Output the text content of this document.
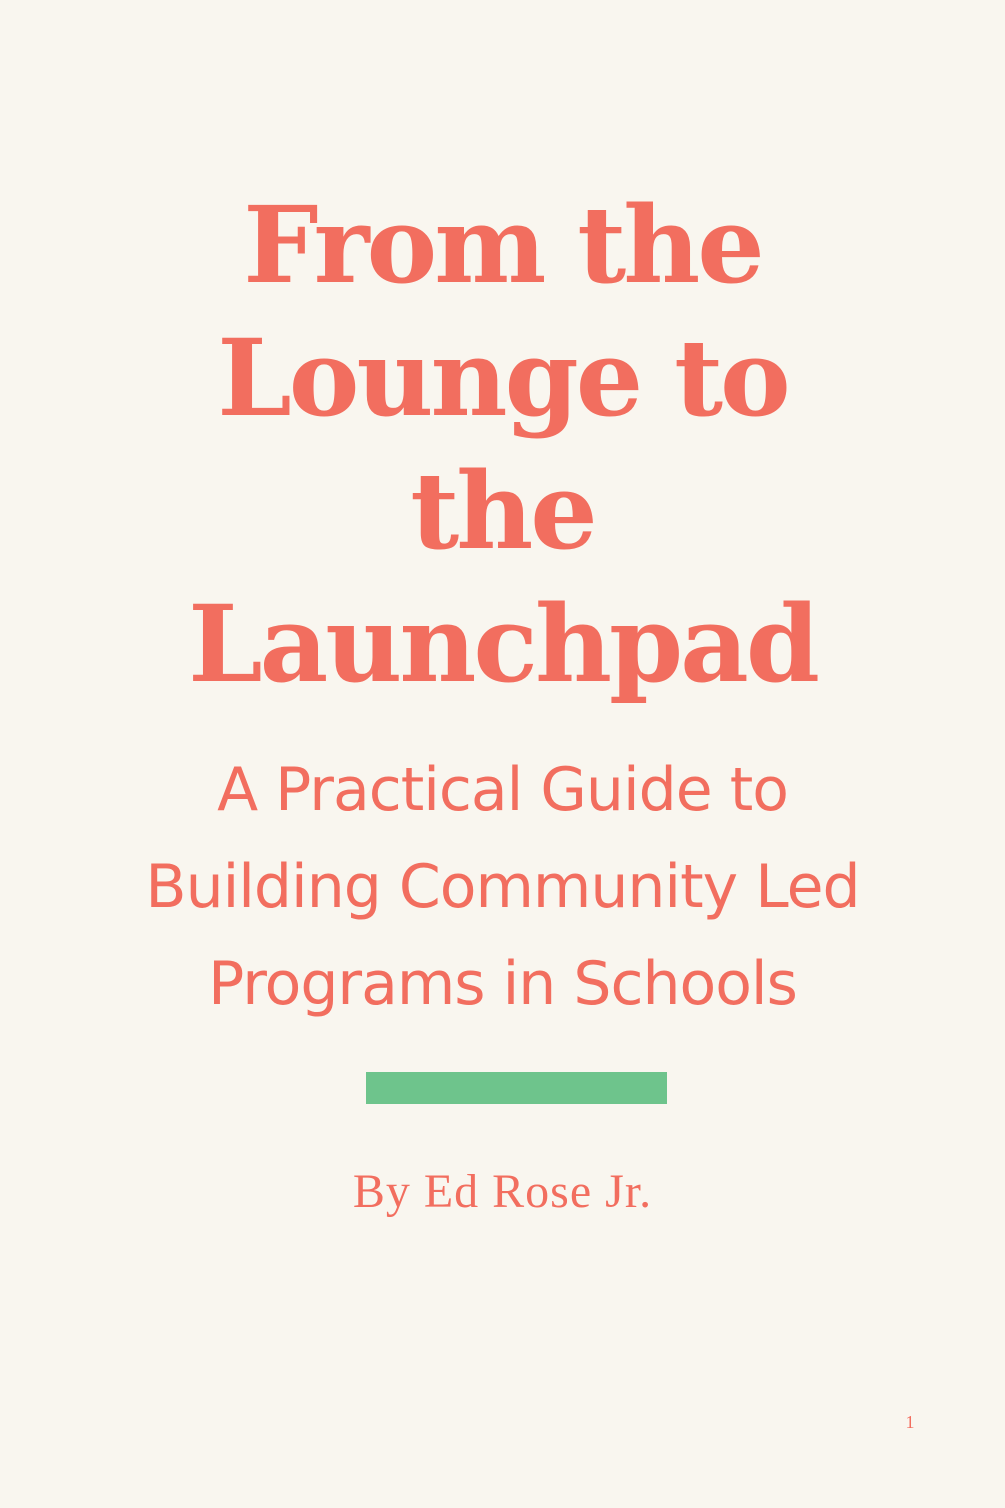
From the
Lounge to
the
Launchpad
A Practical Guide to
Building Community Led
Programs in Schools
By Ed Rose Jr.
1
